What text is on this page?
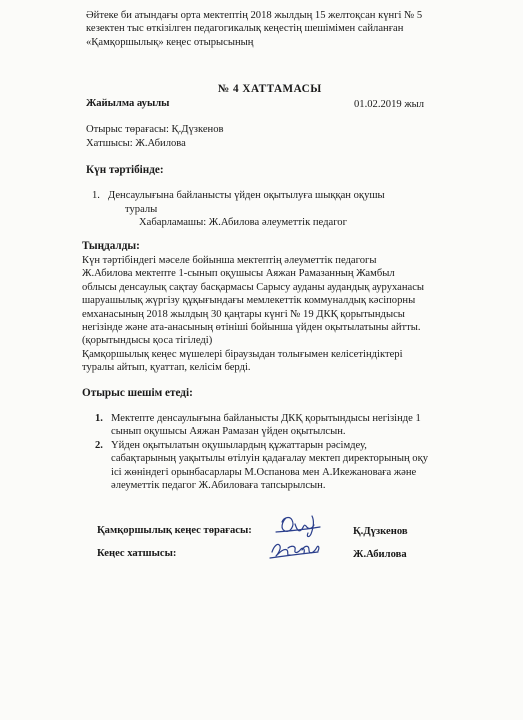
Әйтеке би атындағы орта мектептің 2018 жылдың 15 желтоқсан күнгі № 5
кезектен тыс өткізілген педагогикалық кеңестің шешімімен сайланған
«Қамқоршылық» кеңес отырысының
№ 4 ХАТТАМАСЫ
Жайылма ауылы	01.02.2019 жыл
Отырыс төрағасы: Қ.Дүзкенов
Хатшысы: Ж.Абилова
Күн тәртібінде:
1. Денсаулығына байланысты үйден оқытылуға шыққан оқушы
туралы
Хабарламашы: Ж.Абилова әлеуметтік педагог
Тыңдалды:
Күн тәртібіндегі мәселе бойынша мектептің әлеуметтік педагогы
Ж.Абилова мектепте 1-сынып оқушысы Аяжан Рамазанның Жамбыл
облысы денсаулық сақтау басқармасы Сарысу ауданы аудандық ауруханасы
шаруашылық жүргізу құқығындағы мемлекеттік коммуналдық кәсіпорны
емханасының 2018 жылдың 30 қаңтары күнгі № 19 ДКҚ қорытындысы
негізінде және ата-анасының өтініші бойынша үйден оқытылатыны айтты.
(қорытындысы қоса тігіледі)
Қамқоршылық кеңес мүшелері біраузыдан толығымен келісетіндіктері
туралы айтып, қуаттап, келісім берді.
Отырыс шешім етеді:
1. Мектепте денсаулығына байланысты ДКҚ қорытындысы негізінде 1
сынып оқушысы Аяжан Рамазан үйден оқытылсын.
2. Үйден оқытылатын оқушылардың құжаттарын рәсімдеу,
сабақтарының уақытылы өтілуін қадағалау мектеп директорының оқу
ісі жөніндегі орынбасарлары М.Оспанова мен А.Икежановаға және
әлеуметтік педагог Ж.Абиловаға тапсырылсын.
Қамқоршылық кеңес төрағасы:	Қ.Дүзкенов
Кеңес хатшысы:	Ж.Абилова
